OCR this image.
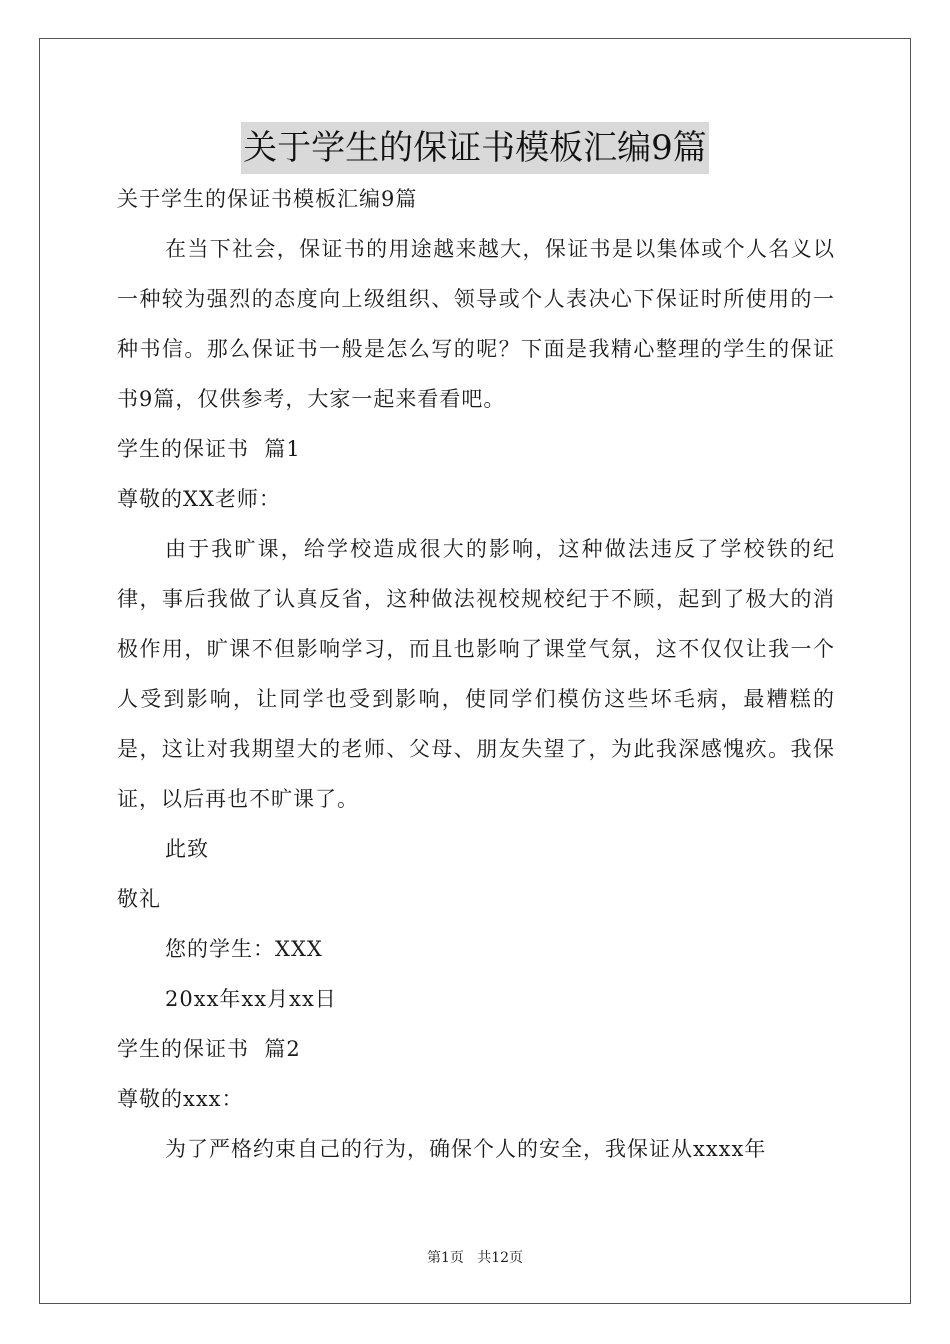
关于学生的保证书模板汇编9篇

关于学生的保证书模板汇编9篇

在当下社会，保证书的用途越来越大，保证书是以集体或个人名义以一种较为强烈的态度向上级组织、领导或个人表决心下保证时所使用的一种书信。那么保证书一般是怎么写的呢？下面是我精心整理的学生的保证书9篇，仅供参考，大家一起来看看吧。

学生的保证书  篇1

尊敬的XX老师：

由于我旷课，给学校造成很大的影响，这种做法违反了学校铁的纪律，事后我做了认真反省，这种做法视校规校纪于不顾，起到了极大的消极作用，旷课不但影响学习，而且也影响了课堂气氛，这不仅仅让我一个人受到影响，让同学也受到影响，使同学们模仿这些坏毛病，最糟糕的是，这让对我期望大的老师、父母、朋友失望了，为此我深感愧疚。我保证，以后再也不旷课了。

此致

敬礼

您的学生：XXX

20xx年xx月xx日

学生的保证书  篇2

尊敬的xxx：

为了严格约束自己的行为，确保个人的安全，我保证从xxxx年

第1页   共12页
